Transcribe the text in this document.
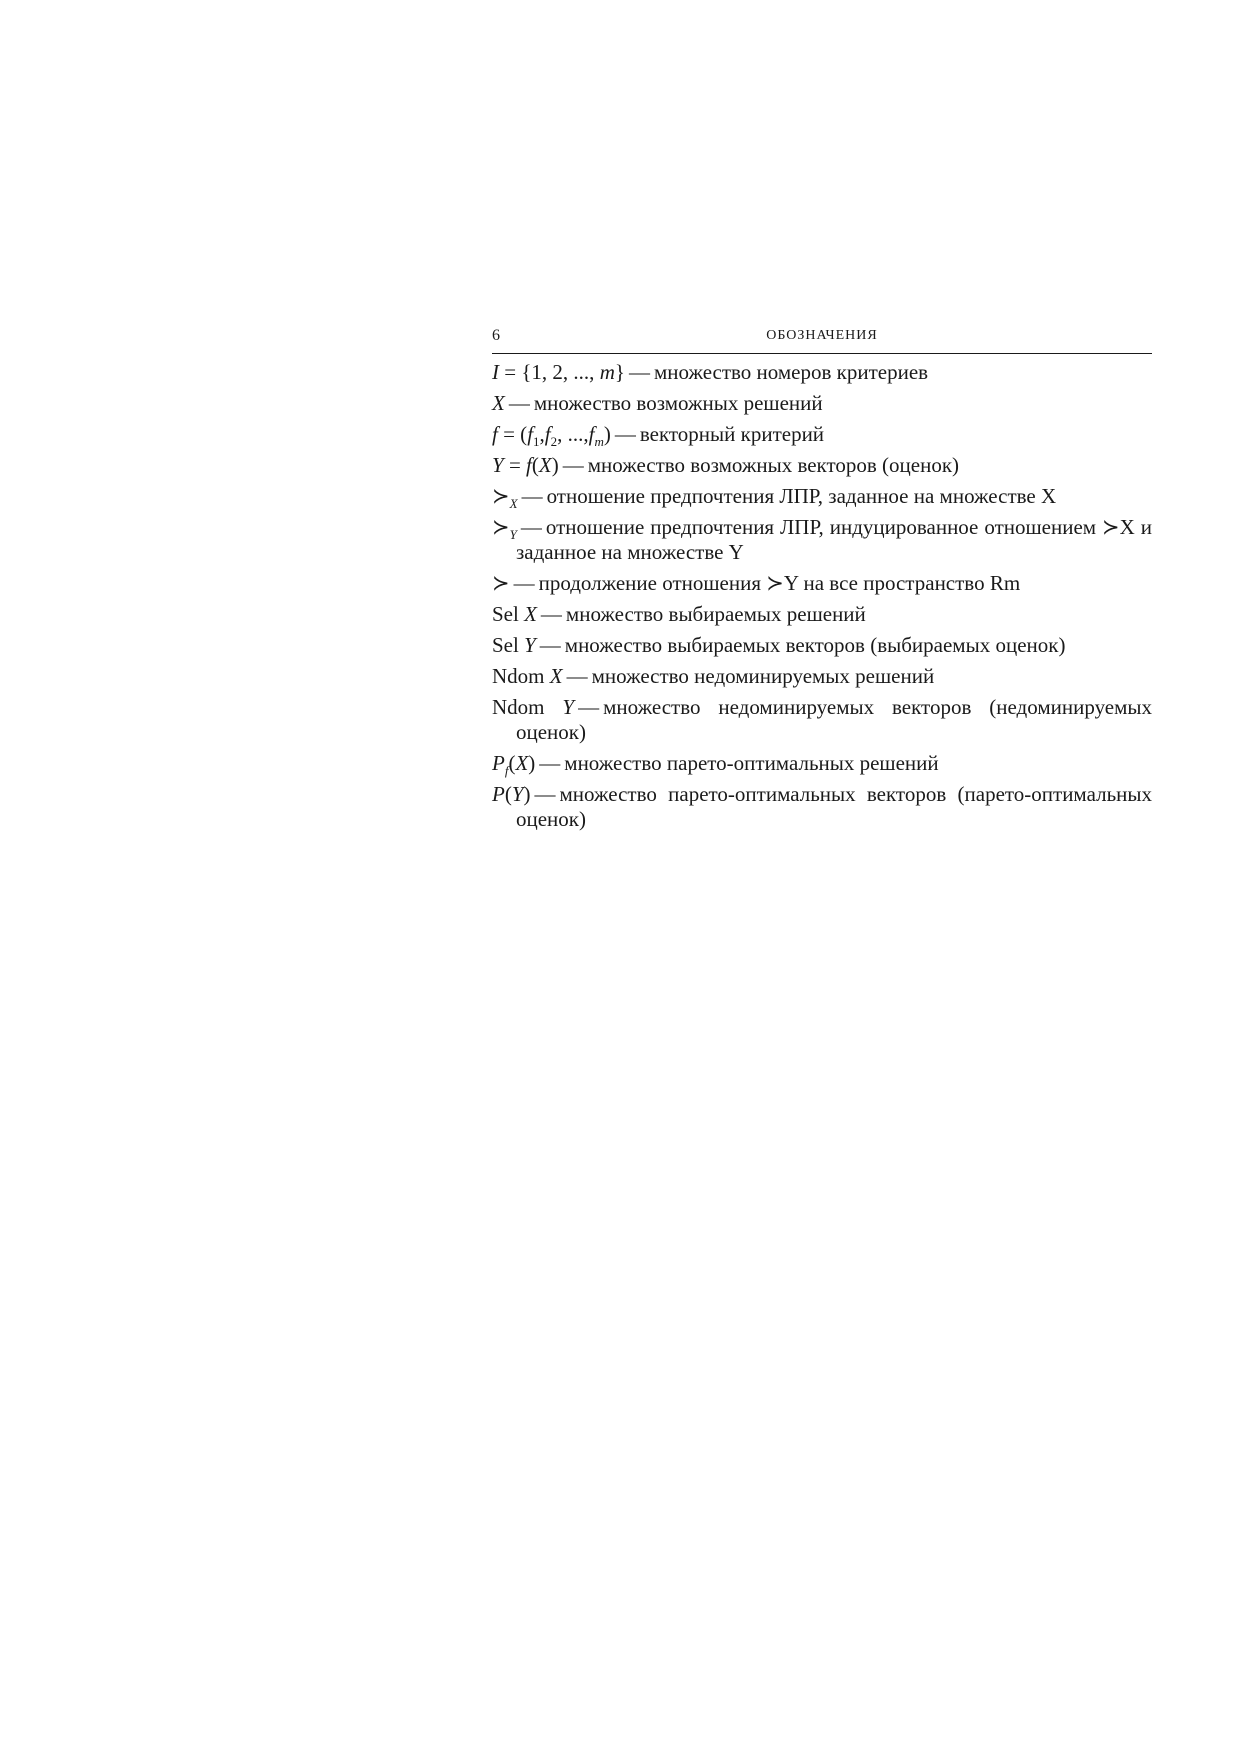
6	ОБОЗНАЧЕНИЯ
I = {1, 2, ..., m} — множество номеров критериев
X — множество возможных решений
$f = (f_1,f_2$, $...,f_m$) — векторный критерий
Y = f(X) — множество возможных векторов (оценок)
$≻_X$ — отношение предпочтения ЛПР, заданное на множестве X
$≻_Y$ — отношение предпочтения ЛПР, индуцированное отношением ≻X и заданное на множестве Y
≻ — продолжение отношения ≻Y на все пространство Rm
Sel X — множество выбираемых решений
Sel Y — множество выбираемых векторов (выбираемых оценок)
Ndom X — множество недоминируемых решений
Ndom Y — множество недоминируемых векторов (недоминируемых оценок)
$P_f(X)$ — множество парето-оптимальных решений
P(Y) — множество парето-оптимальных векторов (парето-оптимальных оценок)
